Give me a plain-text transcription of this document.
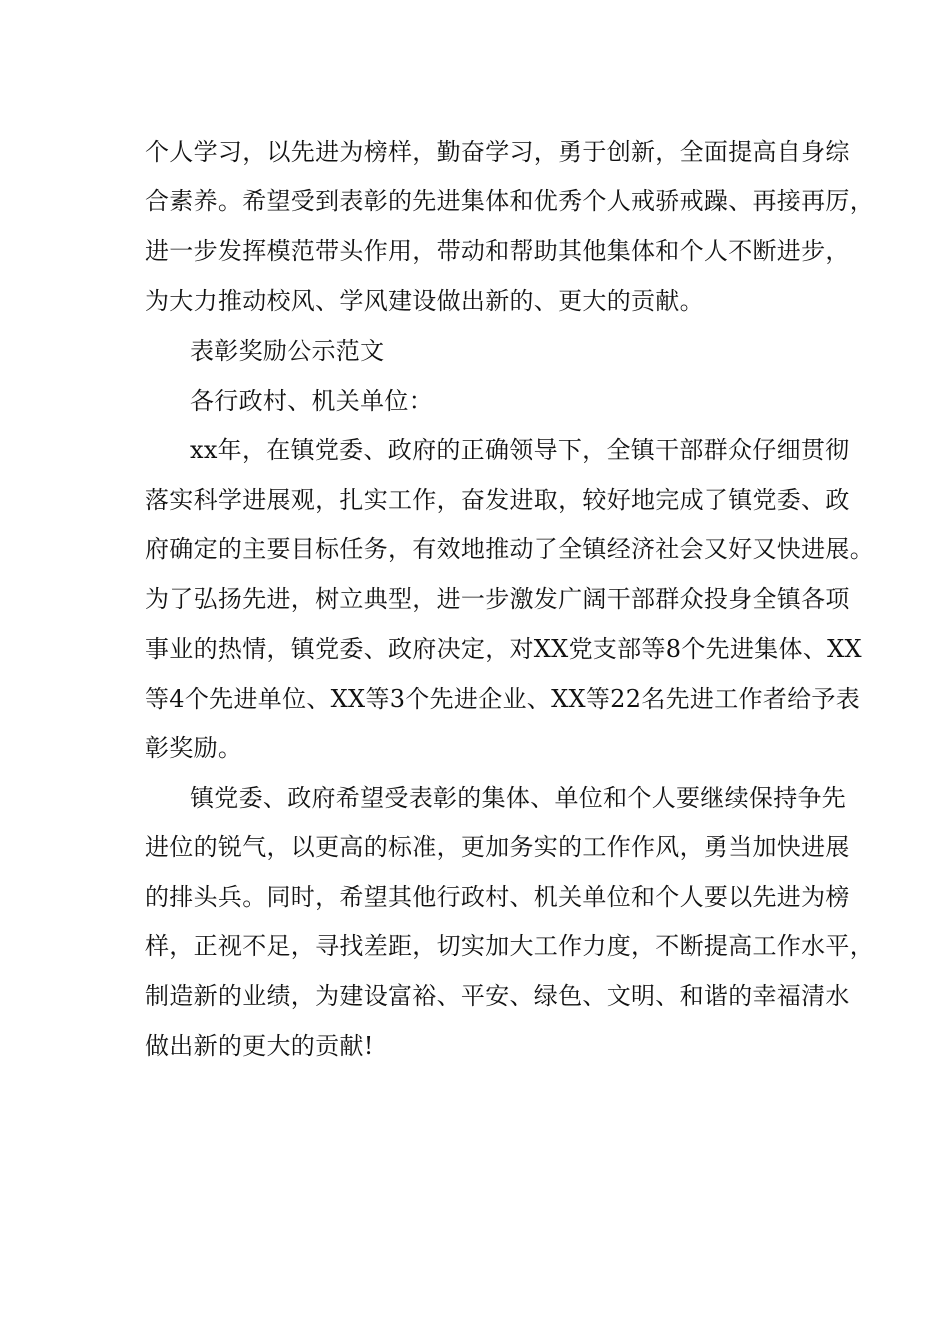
个人学习，以先进为榜样，勤奋学习，勇于创新，全面提高自身综
合素养。希望受到表彰的先进集体和优秀个人戒骄戒躁、再接再厉，
进一步发挥模范带头作用，带动和帮助其他集体和个人不断进步，
为大力推动校风、学风建设做出新的、更大的贡献。
表彰奖励公示范文
各行政村、机关单位：
xx年，在镇党委、政府的正确领导下，全镇干部群众仔细贯彻
落实科学进展观，扎实工作，奋发进取，较好地完成了镇党委、政
府确定的主要目标任务，有效地推动了全镇经济社会又好又快进展。
为了弘扬先进，树立典型，进一步激发广阔干部群众投身全镇各项
事业的热情，镇党委、政府决定，对XX党支部等8个先进集体、XX
等4个先进单位、XX等3个先进企业、XX等22名先进工作者给予表
彰奖励。
镇党委、政府希望受表彰的集体、单位和个人要继续保持争先
进位的锐气，以更高的标准，更加务实的工作作风，勇当加快进展
的排头兵。同时，希望其他行政村、机关单位和个人要以先进为榜
样，正视不足，寻找差距，切实加大工作力度，不断提高工作水平，
制造新的业绩，为建设富裕、平安、绿色、文明、和谐的幸福清水
做出新的更大的贡献!
